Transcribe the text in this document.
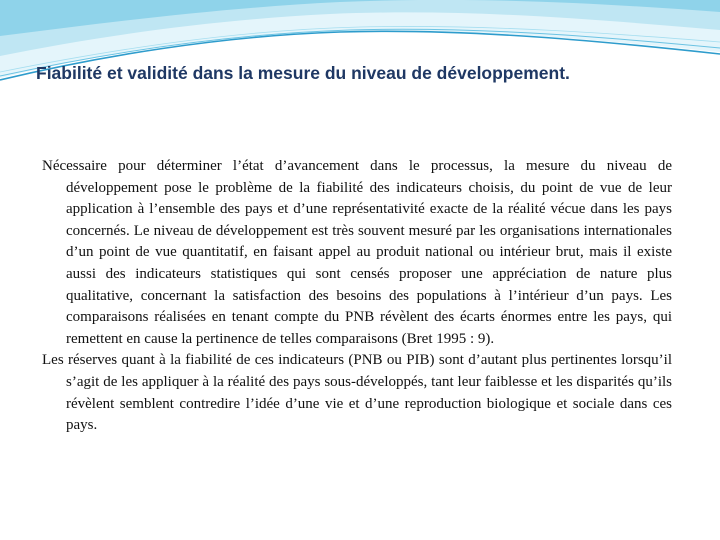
Fiabilité et validité dans la mesure du niveau de développement.

Nécessaire pour déterminer l’état d’avancement dans le processus, la mesure du niveau de développement pose le problème de la fiabilité des indicateurs choisis, du point de vue de leur application à l’ensemble des pays et d’une représentativité exacte de la réalité vécue dans les pays concernés. Le niveau de développement est très souvent mesuré par les organisations internationales d’un point de vue quantitatif, en faisant appel au produit national ou intérieur brut, mais il existe aussi des indicateurs statistiques qui sont censés proposer une appréciation de nature plus qualitative, concernant la satisfaction des besoins des populations à l’intérieur d’un pays. Les comparaisons réalisées en tenant compte du PNB révèlent des écarts énormes entre les pays, qui remettent en cause la pertinence de telles comparaisons (Bret 1995 : 9).

Les réserves quant à la fiabilité de ces indicateurs (PNB ou PIB) sont d’autant plus pertinentes lorsqu’il s’agit de les appliquer à la réalité des pays sous-développés, tant leur faiblesse et les disparités qu’ils révèlent semblent contredire l’idée d’une vie et d’une reproduction biologique et sociale dans ces pays.
